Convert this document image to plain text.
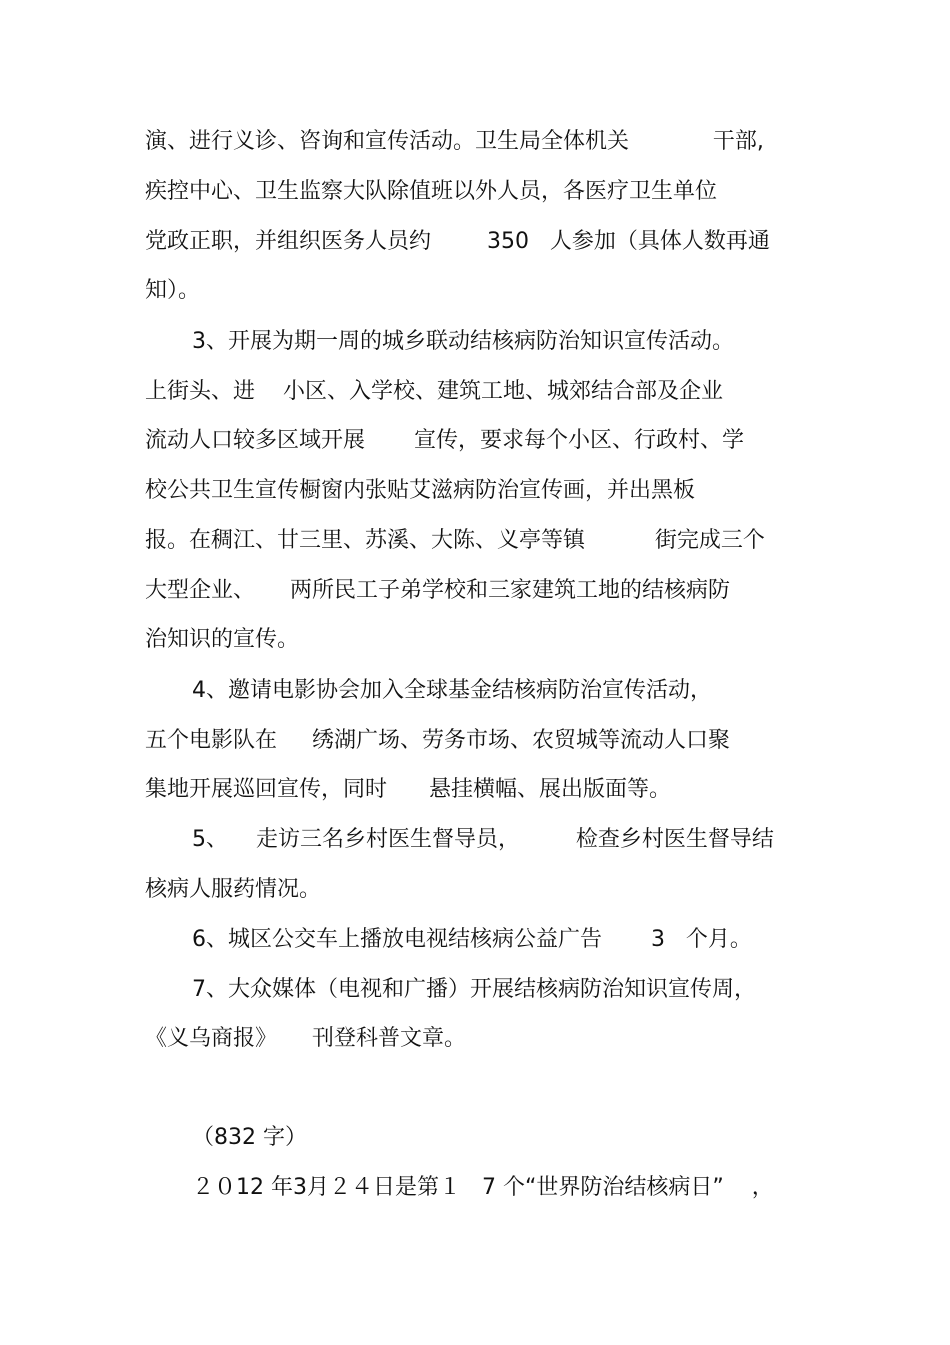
演、进行义诊、咨询和宣传活动。卫生局全体机关            干部,
疾控中心、卫生监察大队除值班以外人员，各医疗卫生单位
党政正职，并组织医务人员约        350   人参加（具体人数再通
知）。
3、开展为期一周的城乡联动结核病防治知识宣传活动。
上街头、进    小区、入学校、建筑工地、城郊结合部及企业
流动人口较多区域开展       宣传，要求每个小区、行政村、学
校公共卫生宣传橱窗内张贴艾滋病防治宣传画，并出黑板
报。在稠江、廿三里、苏溪、大陈、义亭等镇          街完成三个
大型企业、     两所民工子弟学校和三家建筑工地的结核病防
治知识的宣传。
4、邀请电影协会加入全球基金结核病防治宣传活动，
五个电影队在     绣湖广场、劳务市场、农贸城等流动人口聚
集地开展巡回宣传，同时      悬挂横幅、展出版面等。
5、    走访三名乡村医生督导员，        检查乡村医生督导结
核病人服药情况。
6、城区公交车上播放电视结核病公益广告       3   个月。
7、大众媒体（电视和广播）开展结核病防治知识宣传周，
《义乌商报》     刊登科普文章。
（832 字）
２０12 年3月２４日是第１   7 个“世界防治结核病日”    ，
